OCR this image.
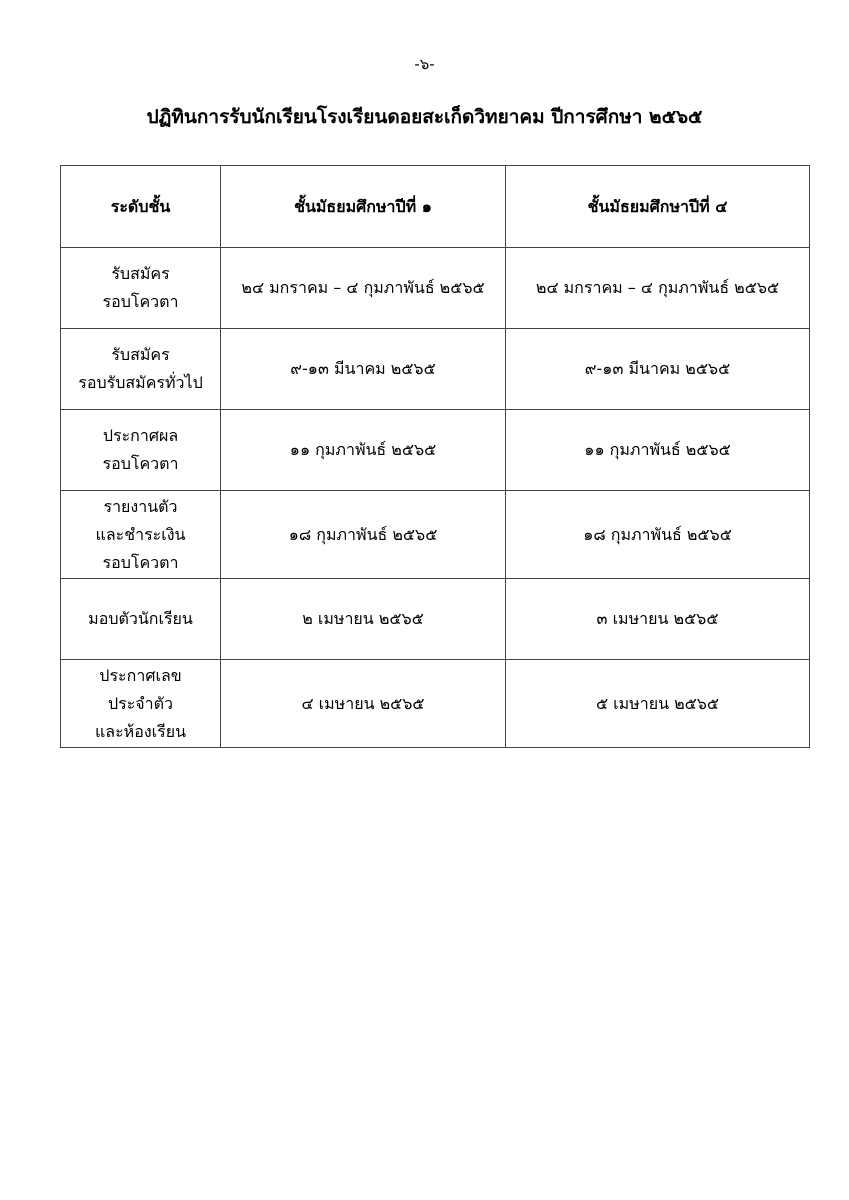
-๖-
ปฏิทินการรับนักเรียนโรงเรียนดอยสะเก็ดวิทยาคม ปีการศึกษา ๒๕๖๕
ระดับชั้น	ชั้นมัธยมศึกษาปีที่ ๑	ชั้นมัธยมศึกษาปีที่ ๔

รับสมัคร
รอบโควตา	๒๔ มกราคม – ๔ กุมภาพันธ์ ๒๕๖๕	๒๔ มกราคม – ๔ กุมภาพันธ์ ๒๕๖๕

รับสมัคร
รอบรับสมัครทั่วไป	๙-๑๓ มีนาคม ๒๕๖๕	๙-๑๓ มีนาคม ๒๕๖๕

ประกาศผล
รอบโควตา	๑๑ กุมภาพันธ์ ๒๕๖๕	๑๑ กุมภาพันธ์ ๒๕๖๕

รายงานตัว
และชำระเงิน
รอบโควตา	๑๘ กุมภาพันธ์ ๒๕๖๕	๑๘ กุมภาพันธ์ ๒๕๖๕

มอบตัวนักเรียน	๒ เมษายน ๒๕๖๕	๓ เมษายน ๒๕๖๕

ประกาศเลข
ประจำตัว
และห้องเรียน	๔ เมษายน ๒๕๖๕	๕ เมษายน ๒๕๖๕
